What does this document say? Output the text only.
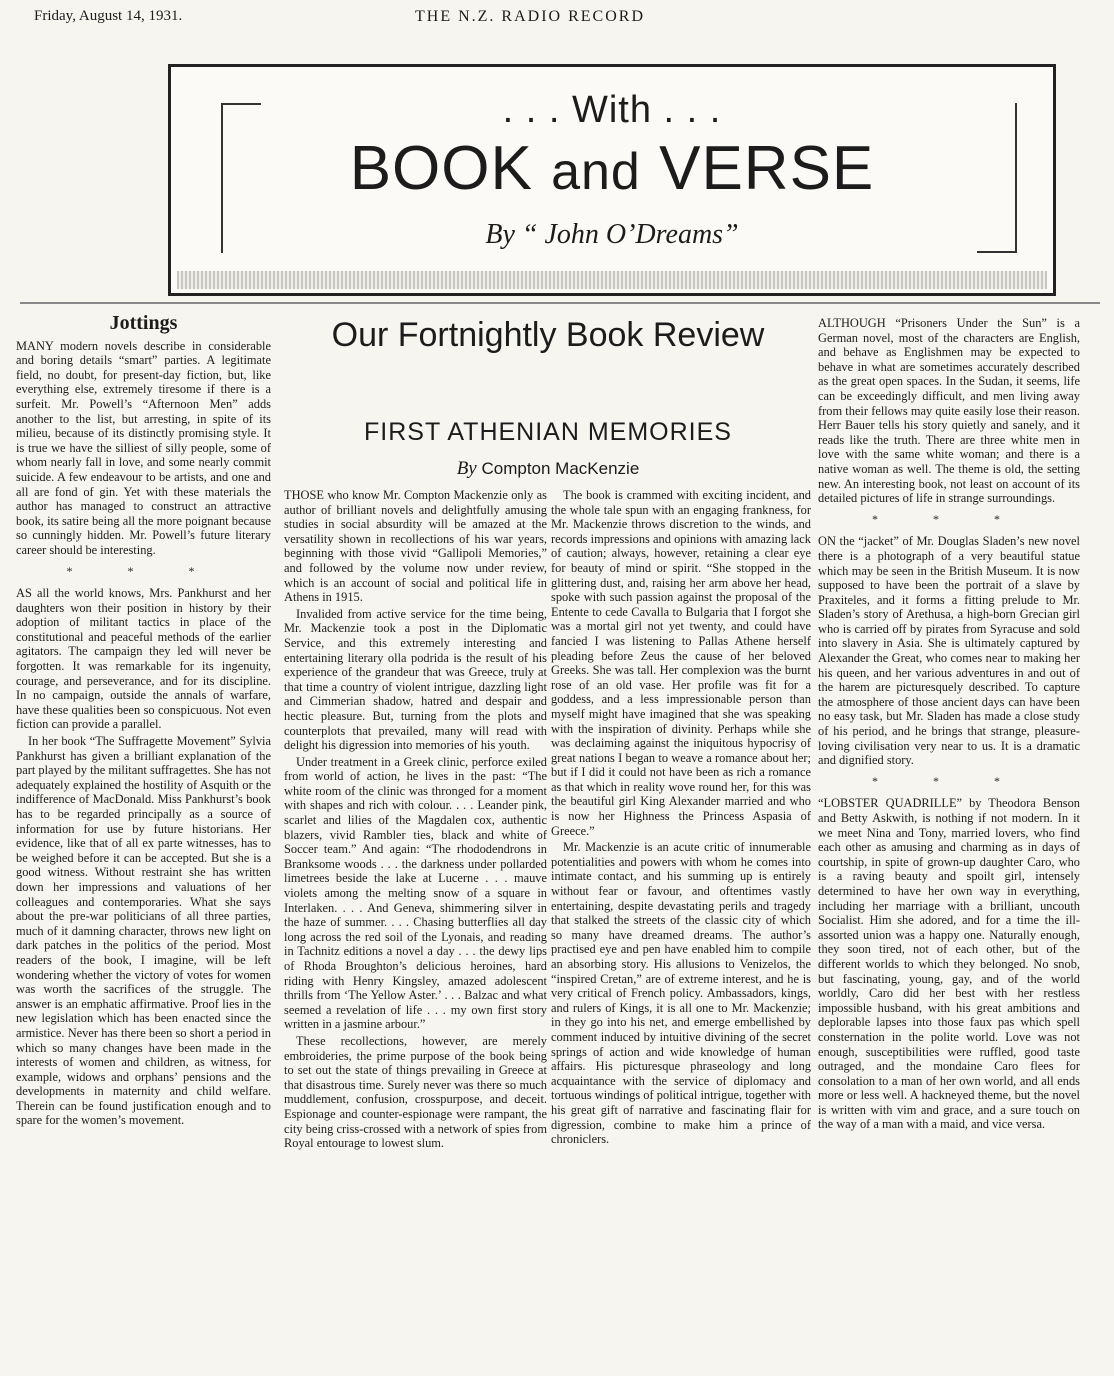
Friday, August 14, 1931.	THE N.Z. RADIO RECORD
. . . With . . .
BOOK and VERSE
By “ John O’Dreams”
Jottings

MANY modern novels describe in considerable and boring details “smart” parties. A legitimate field, no doubt, for present-day fiction, but, like everything else, extremely tiresome if there is a surfeit. Mr. Powell’s “Afternoon Men” adds another to the list, but arresting, in spite of its milieu, because of its distinctly promising style. It is true we have the silliest of silly people, some of whom nearly fall in love, and some nearly commit suicide. A few endeavour to be artists, and one and all are fond of gin. Yet with these materials the author has managed to construct an attractive book, its satire being all the more poignant because so cunningly hidden. Mr. Powell’s future literary career should be interesting.

* * *

AS all the world knows, Mrs. Pankhurst and her daughters won their position in history by their adoption of militant tactics in place of the constitutional and peaceful methods of the earlier agitators. The campaign they led will never be forgotten. It was remarkable for its ingenuity, courage, and perseverance, and for its discipline. In no campaign, outside the annals of warfare, have these qualities been so conspicuous. Not even fiction can provide a parallel.

In her book “The Suffragette Movement” Sylvia Pankhurst has given a brilliant explanation of the part played by the militant suffragettes. She has not adequately explained the hostility of Asquith or the indifference of MacDonald. Miss Pankhurst’s book has to be regarded principally as a source of information for use by future historians. Her evidence, like that of all ex parte witnesses, has to be weighed before it can be accepted. But she is a good witness. Without restraint she has written down her impressions and valuations of her colleagues and contemporaries. What she says about the pre-war politicians of all three parties, much of it damning character, throws new light on dark patches in the politics of the period. Most readers of the book, I imagine, will be left wondering whether the victory of votes for women was worth the sacrifices of the struggle. The answer is an emphatic affirmative. Proof lies in the new legislation which has been enacted since the armistice. Never has there been so short a period in which so many changes have been made in the interests of women and children, as witness, for example, widows and orphans’ pensions and the developments in maternity and child welfare. Therein can be found justification enough and to spare for the women’s movement.

Our Fortnightly Book Review
FIRST ATHENIAN MEMORIES
By Compton MacKenzie

THOSE who know Mr. Compton Mackenzie only as author of brilliant novels and delightfully amusing studies in social absurdity will be amazed at the versatility shown in recollections of his war years, beginning with those vivid “Gallipoli Memories,” and followed by the volume now under review, which is an account of social and political life in Athens in 1915.

Invalided from active service for the time being, Mr. Mackenzie took a post in the Diplomatic Service, and this extremely interesting and entertaining literary olla podrida is the result of his experience of the grandeur that was Greece, truly at that time a country of violent intrigue, dazzling light and Cimmerian shadow, hatred and despair and hectic pleasure. But, turning from the plots and counterplots that prevailed, many will read with delight his digression into memories of his youth.

Under treatment in a Greek clinic, perforce exiled from world of action, he lives in the past: “The white room of the clinic was thronged for a moment with shapes and rich with colour. . . . Leander pink, scarlet and lilies of the Magdalen cox, authentic blazers, vivid Rambler ties, black and white of Soccer team.” And again: “The rhododendrons in Branksome woods . . . the darkness under pollarded limetrees beside the lake at Lucerne . . . mauve violets among the melting snow of a square in Interlaken. . . . And Geneva, shimmering silver in the haze of summer. . . . Chasing butterflies all day long across the red soil of the Lyonais, and reading in Tachnitz editions a novel a day . . . the dewy lips of Rhoda Broughton’s delicious heroines, hard riding with Henry Kingsley, amazed adolescent thrills from ‘The Yellow Aster.’ . . . Balzac and what seemed a revelation of life . . . my own first story written in a jasmine arbour.”

These recollections, however, are merely embroideries, the prime purpose of the book being to set out the state of things prevailing in Greece at that disastrous time. Surely never was there so much muddlement, confusion, crosspurpose, and deceit. Espionage and counter-espionage were rampant, the city being criss-crossed with a network of spies from Royal entourage to lowest slum.

The book is crammed with exciting incident, and the whole tale spun with an engaging frankness, for Mr. Mackenzie throws discretion to the winds, and records impressions and opinions with amazing lack of caution; always, however, retaining a clear eye for beauty of mind or spirit. “She stopped in the glittering dust, and, raising her arm above her head, spoke with such passion against the proposal of the Entente to cede Cavalla to Bulgaria that I forgot she was a mortal girl not yet twenty, and could have fancied I was listening to Pallas Athene herself pleading before Zeus the cause of her beloved Greeks. She was tall. Her complexion was the burnt rose of an old vase. Her profile was fit for a goddess, and a less impressionable person than myself might have imagined that she was speaking with the inspiration of divinity. Perhaps while she was declaiming against the iniquitous hypocrisy of great nations I began to weave a romance about her; but if I did it could not have been as rich a romance as that which in reality wove round her, for this was the beautiful girl King Alexander married and who is now her Highness the Princess Aspasia of Greece.”

Mr. Mackenzie is an acute critic of innumerable potentialities and powers with whom he comes into intimate contact, and his summing up is entirely without fear or favour, and oftentimes vastly entertaining, despite devastating perils and tragedy that stalked the streets of the classic city of which so many have dreamed dreams. The author’s practised eye and pen have enabled him to compile an absorbing story. His allusions to Venizelos, the “inspired Cretan,” are of extreme interest, and he is very critical of French policy. Ambassadors, kings, and rulers of Kings, it is all one to Mr. Mackenzie; in they go into his net, and emerge embellished by comment induced by intuitive divining of the secret springs of action and wide knowledge of human affairs. His picturesque phraseology and long acquaintance with the service of diplomacy and tortuous windings of political intrigue, together with his great gift of narrative and fascinating flair for digression, combine to make him a prince of chroniclers.

ALTHOUGH “Prisoners Under the Sun” is a German novel, most of the characters are English, and behave as Englishmen may be expected to behave in what are sometimes accurately described as the great open spaces. In the Sudan, it seems, life can be exceedingly difficult, and men living away from their fellows may quite easily lose their reason. Herr Bauer tells his story quietly and sanely, and it reads like the truth. There are three white men in love with the same white woman; and there is a native woman as well. The theme is old, the setting new. An interesting book, not least on account of its detailed pictures of life in strange surroundings.

* * *

ON the “jacket” of Mr. Douglas Sladen’s new novel there is a photograph of a very beautiful statue which may be seen in the British Museum. It is now supposed to have been the portrait of a slave by Praxiteles, and it forms a fitting prelude to Mr. Sladen’s story of Arethusa, a high-born Grecian girl who is carried off by pirates from Syracuse and sold into slavery in Asia. She is ultimately captured by Alexander the Great, who comes near to making her his queen, and her various adventures in and out of the harem are picturesquely described. To capture the atmosphere of those ancient days can have been no easy task, but Mr. Sladen has made a close study of his period, and he brings that strange, pleasure-loving civilisation very near to us. It is a dramatic and dignified story.

* * *

“LOBSTER QUADRILLE” by Theodora Benson and Betty Askwith, is nothing if not modern. In it we meet Nina and Tony, married lovers, who find each other as amusing and charming as in days of courtship, in spite of grown-up daughter Caro, who is a raving beauty and spoilt girl, intensely determined to have her own way in everything, including her marriage with a brilliant, uncouth Socialist. Him she adored, and for a time the ill-assorted union was a happy one. Naturally enough, they soon tired, not of each other, but of the different worlds to which they belonged. No snob, but fascinating, young, gay, and of the world worldly, Caro did her best with her restless impossible husband, with his great ambitions and deplorable lapses into those faux pas which spell consternation in the polite world. Love was not enough, susceptibilities were ruffled, good taste outraged, and the mondaine Caro flees for consolation to a man of her own world, and all ends more or less well. A hackneyed theme, but the novel is written with vim and grace, and a sure touch on the way of a man with a maid, and vice versa.
